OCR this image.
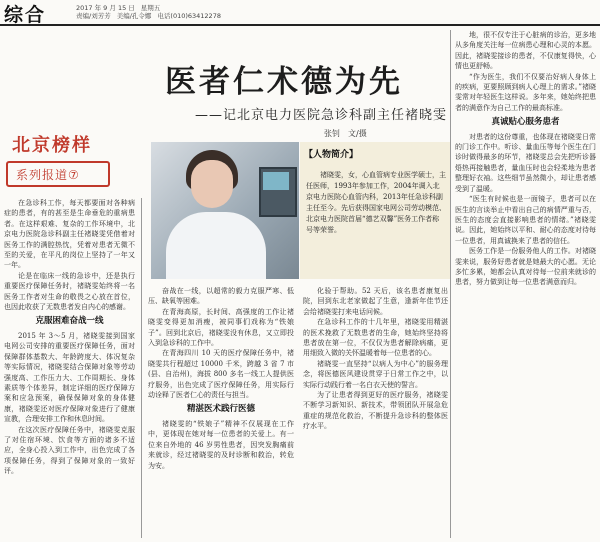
综合	2017 年 9 月 15 日 星期五
责编/刘芳芳 美编/孔令娜 电话(010)63412278
医者仁术德为先
——记北京电力医院急诊科副主任褚晓雯
张钊　文/摄
北京榜样
系列报道⑦
【人物简介】
褚晓雯，女，心血管病专业医学硕士，主任医师，1993年参加工作，2004年调入北京电力医院心血管内科，2013年任急诊科副主任至今。先后获得国家电网公司劳动模范、北京电力医院首届“德艺双馨”医务工作者称号等荣誉。

在急诊科工作，每天都要面对各种病症的患者，有的甚至是生命垂危的重病患者。在这样艰难、复杂的工作环境中，北京电力医院急诊科副主任褚晓雯凭借着对医务工作的满腔热忱，凭着对患者无微不至的关爱，在平凡的岗位上坚持了一年又一年。

论是在临床一线的急诊中，还是执行重要医疗保障任务时，褚晓雯始终将一名医务工作者对生命的敬畏之心放在首位，也因此收获了无数患者发自内心的感谢。

克服困难奋战一线

2015 年 3～5 月，褚晓雯接到国家电网公司安排的重要医疗保障任务，面对保障群体基数大、年龄跨度大、体况复杂等实际情况，褚晓雯结合保障对象等劳动强度高、工作压力大、工作周期长、身体素质等个体差异，制定详细的医疗保障方案和应急预案，确保保障对象的身体健康，褚晓雯还对医疗保障对象进行了健康宣教，合理安排工作和休息时间。

在这次医疗保障任务中，褚晓雯克服了对住宿环境、饮食等方面的诸多不适应，全身心投入到工作中，出色完成了各项保障任务，得到了保障对象的一致好评。

奋战在一线，以超常的毅力克服严寒、低压、缺氧等困难。

在青海高原，长时间、高强度的工作让褚晓雯变得更加消瘦，被同事们戏称为“铁娘子”。回到北京后，褚晓雯没有休息，又立即投入到急诊科的工作中。

在青海四川 10 天的医疗保障任务中，褚晓雯共行程超过 10000 千米，跨越 3 省 7 市 (县、自治州)，海拔 800 多名一线工人提供医疗服务，出色完成了医疗保障任务，用实际行动诠释了医者仁心的责任与担当。

精湛医术践行医德

褚晓雯的“铁娘子”精神不仅展现在工作中，更体现在她对每一位患者的关爱上。有一位来自外地的 46 岁男性患者，因突发胸痛前来就诊，经过褚晓雯的及时诊断和救治，转危为安。

化验于帮助。52 天后，该名患者康复出院，回到东北老家做起了生意，逢新年佳节还会给褚晓雯打来电话问候。

在急诊科工作的十几年里，褚晓雯用精湛的医术挽救了无数患者的生命，她始终坚持将患者放在第一位，不仅仅为患者解除病痛，更用细致入微的关怀温暖着每一位患者的心。

褚晓雯一直坚持“以病人为中心”的服务理念，将医德医风建设贯穿于日常工作之中，以实际行动践行着一名白衣天使的誓言。

为了让患者得到更好的医疗服务，褚晓雯不断学习新知识、新技术，带领团队开展急危重症的规范化救治，不断提升急诊科的整体医疗水平。

地，很不仅专注于心脏病的诊治，更多地从多角度关注每一位病患心理和心灵的本愿。因此，褚晓雯接诊的患者，不仅康复得快，心情也更舒畅。

“作为医生，我们不仅要治好病人身体上的疾病，更要照顾到病人心理上的需求。”褚晓雯常对年轻医生这样说。多年来，她始终把患者的满意作为自己工作的最高标准。

真诚贴心服务患者

对患者的这份尊重，也体现在褚晓雯日常的门诊工作中。听诊、量血压等每个医生在门诊时做得最多的环节，褚晓雯总会先把听诊器焐热再接触患者，量血压时也会轻柔地为患者整理好衣袖。这些细节虽然微小，却让患者感受到了温暖。

“医生有时候也是一面镜子，患者可以在医生的言谈举止中看出自己的病情严重与否，医生的态度会直接影响患者的情绪。”褚晓雯说。因此，她始终以平和、耐心的态度对待每一位患者，用真诚换来了患者的信任。

医务工作是一份服务他人的工作。对褚晓雯来说，服务好患者就是她最大的心愿。无论多忙多累，她都会认真对待每一位前来就诊的患者，努力做到让每一位患者满意而归。
